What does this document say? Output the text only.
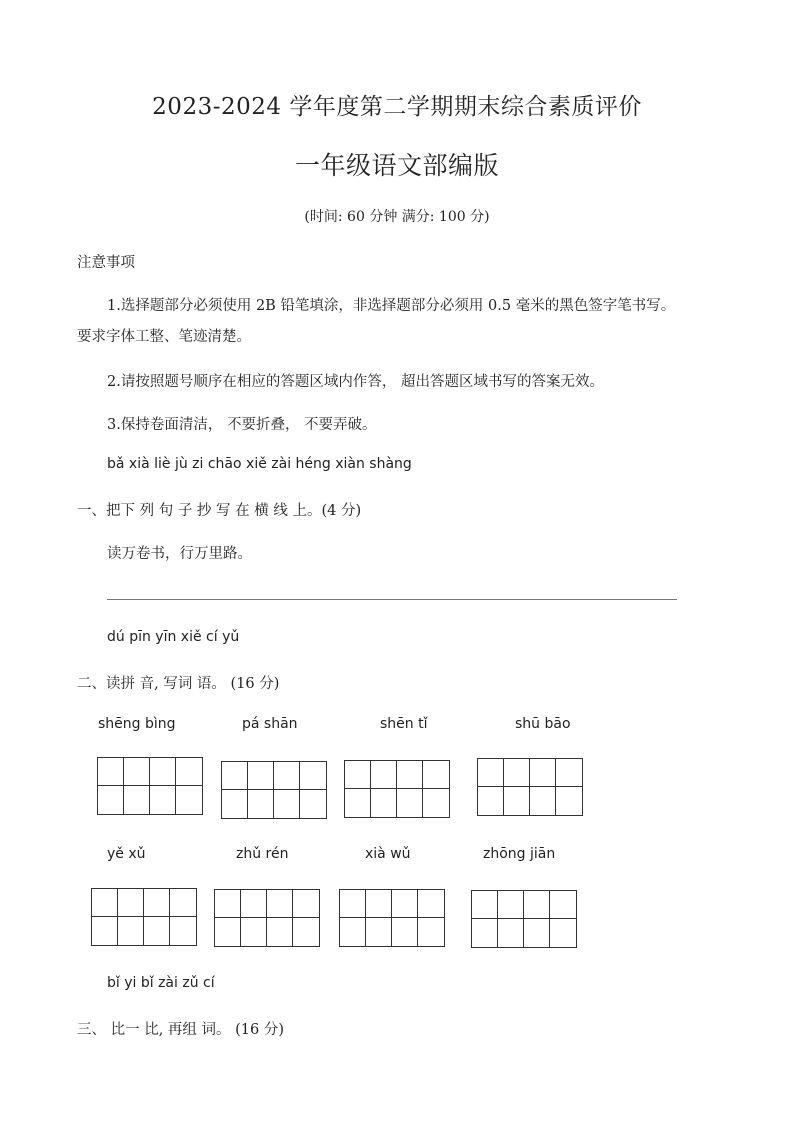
2023-2024 学年度第二学期期末综合素质评价
一年级语文部编版
(时间: 60 分钟 满分: 100 分)
注意事项
1.选择题部分必须使用 2B 铅笔填涂，非选择题部分必须用 0.5 毫米的黑色签字笔书写。
要求字体工整、笔迹清楚。
2.请按照题号顺序在相应的答题区域内作答， 超出答题区域书写的答案无效。
3.保持卷面清洁， 不要折叠， 不要弄破。
bǎ xià liè jù zi chāo xiě zài héng xiàn shàng
一、把下 列 句 子 抄 写 在 横 线 上。(4 分)
读万卷书，行万里路。
dú pīn yīn xiě cí yǔ
二、读拼 音, 写词 语。 (16 分)
shēng bìng	pá shān	shēn tǐ	shū bāo
yě xǔ	zhǔ rén	xià wǔ	zhōng jiān
bǐ yi bǐ zài zǔ cí
三、 比一 比, 再组 词。 (16 分)
